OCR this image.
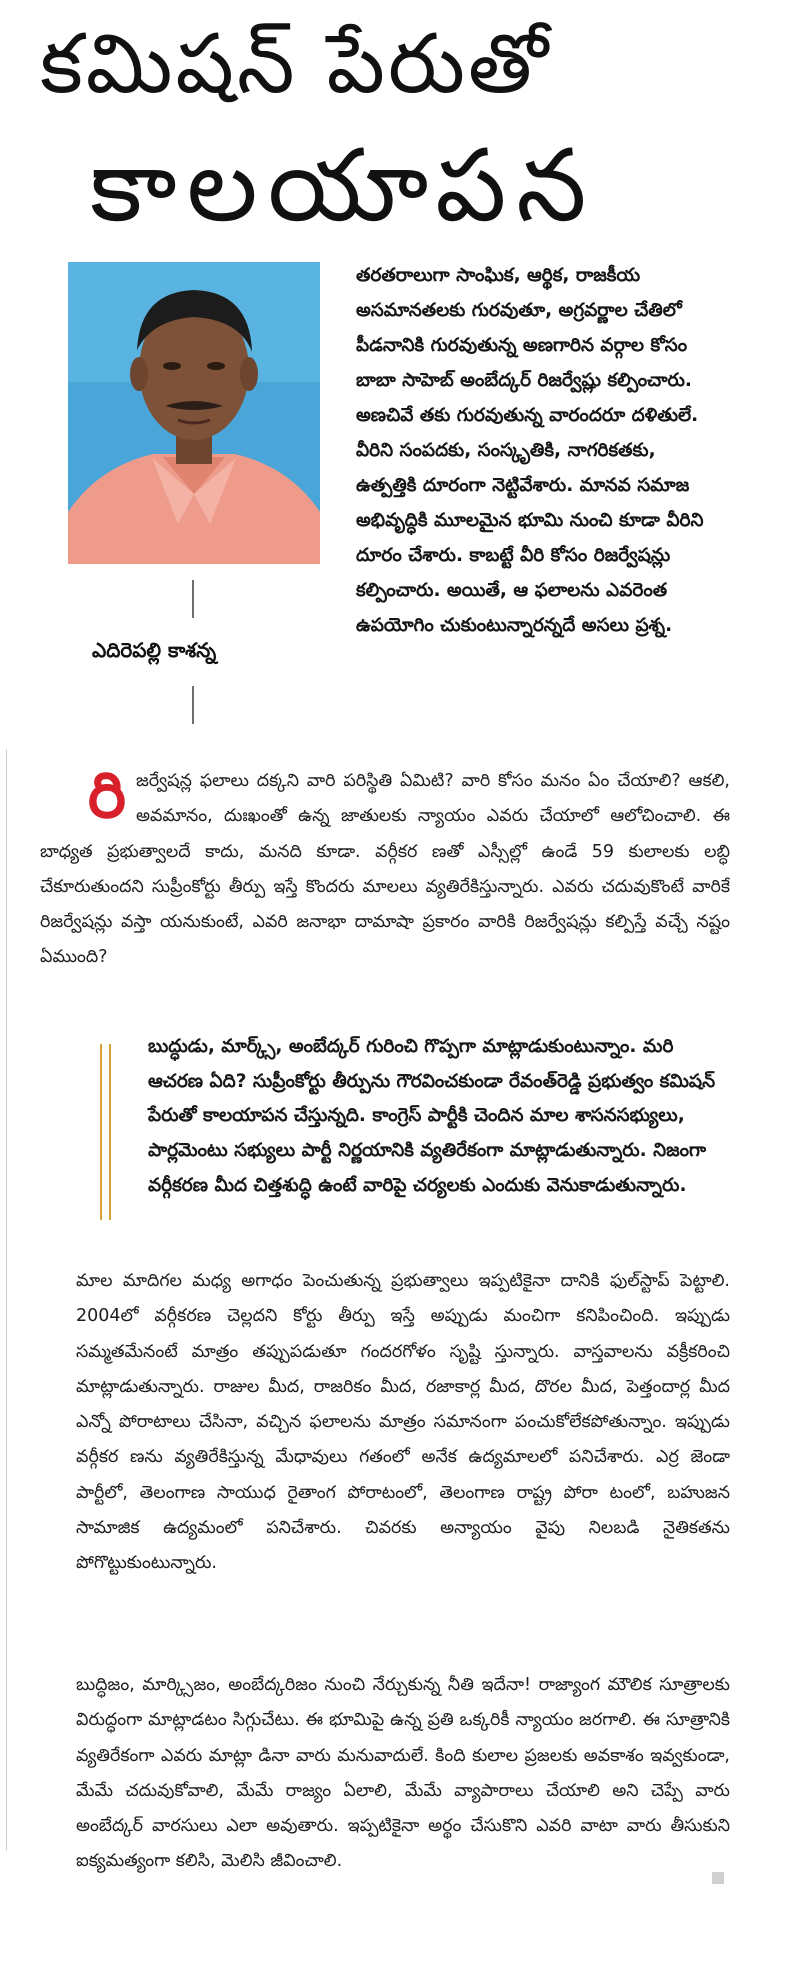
కమిషన్ పేరుతో
కాలయాపన
ఎదిరెపల్లి కాశన్న

తరతరాలుగా సాంఘిక, ఆర్థిక, రాజకీయ అసమానతలకు గురవుతూ, అగ్రవర్ణాల చేతిలో పీడనానికి గురవుతున్న అణగారిన వర్గాల కోసం బాబా సాహెబ్ అంబేద్కర్ రిజర్వేష్లు కల్పించారు. అణచివే తకు గురవుతున్న వారందరూ దళితులే. వీరిని సంపదకు, సంస్కృతికి, నాగరికతకు, ఉత్పత్తికి దూరంగా నెట్టివేశారు. మానవ సమాజ అభివృద్ధికి మూలమైన భూమి నుంచి కూడా వీరిని దూరం చేశారు. కాబట్టే వీరి కోసం రిజర్వేషన్లు కల్పించారు. అయితే, ఆ ఫలాలను ఎవరెంత ఉపయోగిం చుకుంటున్నారన్నదే అసలు ప్రశ్న.

రిజర్వేషన్ల ఫలాలు దక్కని వారి పరిస్థితి ఏమిటి? వారి కోసం మనం ఏం చేయాలి? ఆకలి, అవమానం, దుఃఖంతో ఉన్న జాతులకు న్యాయం ఎవరు చేయాలో ఆలోచించాలి. ఈ బాధ్యత ప్రభుత్వాలదే కాదు, మనది కూడా. వర్గీకర ణతో ఎస్సీల్లో ఉండే 59 కులాలకు లబ్ధి చేకూరుతుందని సుప్రీంకోర్టు తీర్పు ఇస్తే కొందరు మాలలు వ్యతిరేకిస్తున్నారు. ఎవరు చదువుకొంటే వారికే రిజర్వేషన్లు వస్తా యనుకుంటే, ఎవరి జనాభా దామాషా ప్రకారం వారికి రిజర్వేషన్లు కల్పిస్తే వచ్చే నష్టం ఏముంది?

బుద్ధుడు, మార్క్స్, అంబేద్కర్ గురించి గొప్పగా మాట్లాడుకుంటున్నాం. మరి ఆచరణ ఏది? సుప్రీంకోర్టు తీర్పును గౌరవించకుండా రేవంత్‌రెడ్డి ప్రభుత్వం కమిషన్ పేరుతో కాలయాపన చేస్తున్నది. కాంగ్రెస్ పార్టీకి చెందిన మాల శాసనసభ్యులు, పార్లమెంటు సభ్యులు పార్టీ నిర్ణయానికి వ్యతిరేకంగా మాట్లాడుతున్నారు. నిజంగా వర్గీకరణ మీద చిత్తశుద్ధి ఉంటే వారిపై చర్యలకు ఎందుకు వెనుకాడుతున్నారు.

మాల మాదిగల మధ్య అగాధం పెంచుతున్న ప్రభుత్వాలు ఇప్పటికైనా దానికి ఫుల్‌స్టాప్ పెట్టాలి. 2004లో వర్గీకరణ చెల్లదని కోర్టు తీర్పు ఇస్తే అప్పుడు మంచిగా కనిపించింది. ఇప్పుడు సమ్మతమేనంటే మాత్రం తప్పుపడుతూ గందరగోళం సృష్టి స్తున్నారు. వాస్తవాలను వక్రీకరించి మాట్లాడుతున్నారు. రాజుల మీద, రాజరికం మీద, రజాకార్ల మీద, దొరల మీద, పెత్తందార్ల మీద ఎన్నో పోరాటాలు చేసినా, వచ్చిన ఫలాలను మాత్రం సమానంగా పంచుకోలేకపోతున్నాం. ఇప్పుడు వర్గీకర ణను వ్యతిరేకిస్తున్న మేధావులు గతంలో అనేక ఉద్యమాలలో పనిచేశారు. ఎర్ర జెండా పార్టీలో, తెలంగాణ సాయుధ రైతాంగ పోరాటంలో, తెలంగాణ రాష్ట్ర పోరా టంలో, బహుజన సామాజిక ఉద్యమంలో పనిచేశారు. చివరకు అన్యాయం వైపు నిలబడి నైతికతను పోగొట్టుకుంటున్నారు.

బుద్ధిజం, మార్క్సిజం, అంబేద్కరిజం నుంచి నేర్చుకున్న నీతి ఇదేనా! రాజ్యాంగ మౌలిక సూత్రాలకు విరుద్ధంగా మాట్లాడటం సిగ్గుచేటు. ఈ భూమిపై ఉన్న ప్రతి ఒక్కరికీ న్యాయం జరగాలి. ఈ సూత్రానికి వ్యతిరేకంగా ఎవరు మాట్లా డినా వారు మనువాదులే. కింది కులాల ప్రజలకు అవకాశం ఇవ్వకుండా, మేమే చదువుకోవాలి, మేమే రాజ్యం ఏలాలి, మేమే వ్యాపారాలు చేయాలి అని చెప్పే వారు అంబేద్కర్ వారసులు ఎలా అవుతారు. ఇప్పటికైనా అర్థం చేసుకొని ఎవరి వాటా వారు తీసుకుని ఐక్యమత్యంగా కలిసి, మెలిసి జీవించాలి.
